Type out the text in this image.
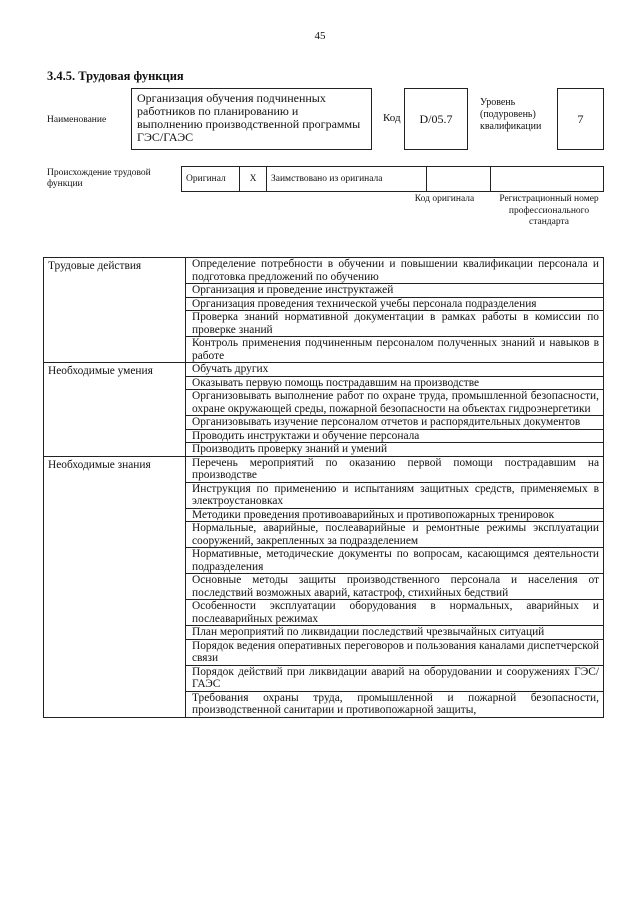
45
3.4.5. Трудовая функция
Наименование
Организация обучения подчиненных работников по планированию и выполнению производственной программы ГЭС/ГАЭС
Код	D/05.7
Уровень (подуровень) квалификации
7
Происхождение трудовой функции	Оригинал	X	Заимствовано из оригинала		
Код оригинала	Регистрационный номер профессионального стандарта
Трудовые действия	Определение потребности в обучении и повышении квалификации персонала и подготовка предложений по обучению
	Организация и проведение инструктажей
	Организация проведения технической учебы персонала подразделения
	Проверка знаний нормативной документации в рамках работы в комиссии по проверке знаний
	Контроль применения подчиненным персоналом полученных знаний и навыков в работе
Необходимые умения	Обучать других
	Оказывать первую помощь пострадавшим на производстве
	Организовывать выполнение работ по охране труда, промышленной безопасности, охране окружающей среды, пожарной безопасности на объектах гидроэнергетики
	Организовывать изучение персоналом отчетов и распорядительных документов
	Проводить инструктажи и обучение персонала
	Производить проверку знаний и умений
Необходимые знания	Перечень мероприятий по оказанию первой помощи пострадавшим на производстве
	Инструкция по применению и испытаниям защитных средств, применяемых в электроустановках
	Методики проведения противоаварийных и противопожарных тренировок
	Нормальные, аварийные, послеаварийные и ремонтные режимы эксплуатации сооружений, закрепленных за подразделением
	Нормативные, методические документы по вопросам, касающимся деятельности подразделения
	Основные методы защиты производственного персонала и населения от последствий возможных аварий, катастроф, стихийных бедствий
	Особенности эксплуатации оборудования в нормальных, аварийных и послеаварийных режимах
	План мероприятий по ликвидации последствий чрезвычайных ситуаций
	Порядок ведения оперативных переговоров и пользования каналами диспетчерской связи
	Порядок действий при ликвидации аварий на оборудовании и сооружениях ГЭС/ГАЭС
	Требования охраны труда, промышленной и пожарной безопасности, производственной санитарии и противопожарной защиты,
